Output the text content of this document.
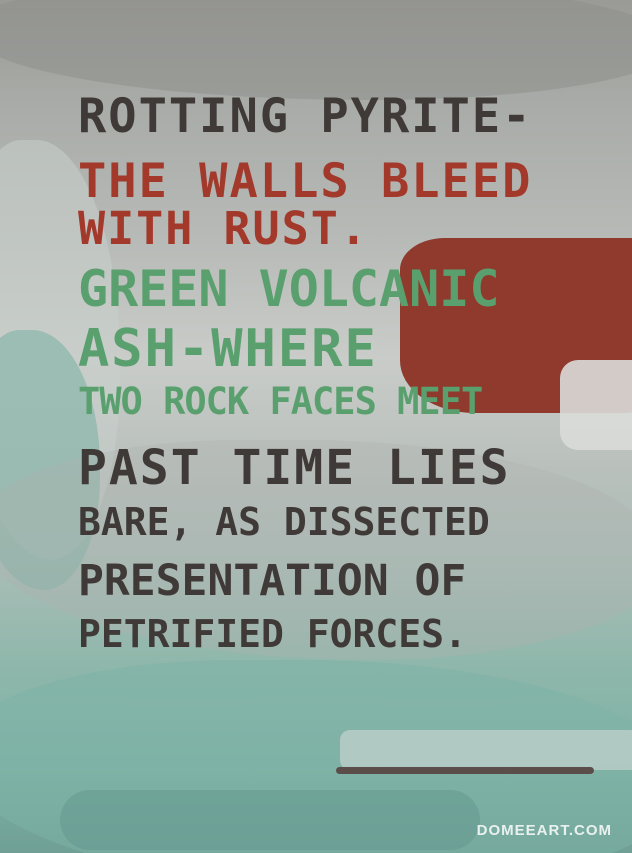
ROTTING PYRITE-
THE WALLS BLEED
WITH RUST.
GREEN VOLCANIC
ASH-WHERE
TWO ROCK FACES MEET
PAST TIME LIES
BARE, AS DISSECTED
PRESENTATION OF
PETRIFIED FORCES.
DOMEEART.COM
